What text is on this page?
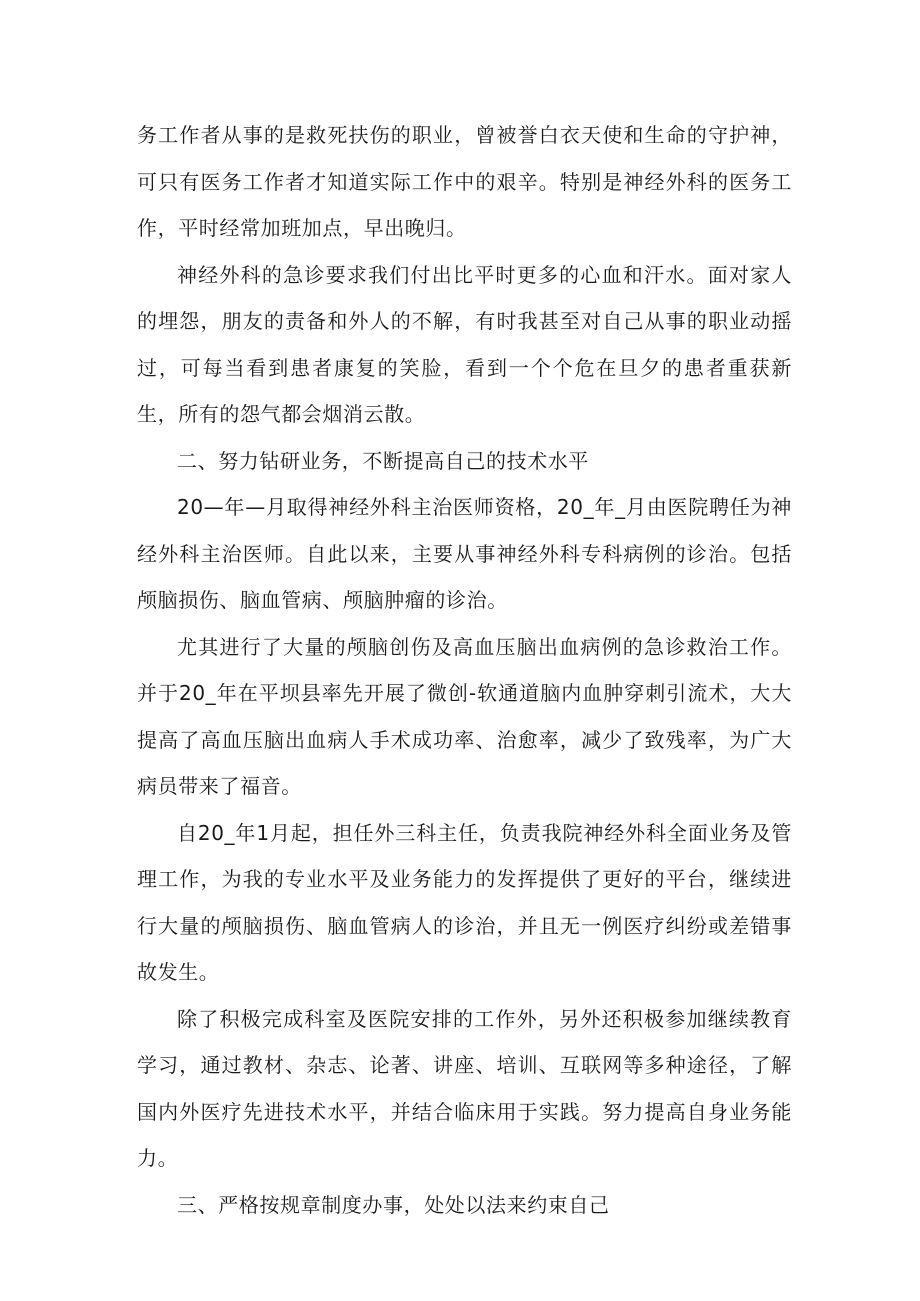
务工作者从事的是救死扶伤的职业，曾被誉白衣天使和生命的守护神，可只有医务工作者才知道实际工作中的艰辛。特别是神经外科的医务工作，平时经常加班加点，早出晚归。

神经外科的急诊要求我们付出比平时更多的心血和汗水。面对家人的埋怨，朋友的责备和外人的不解，有时我甚至对自己从事的职业动摇过，可每当看到患者康复的笑脸，看到一个个危在旦夕的患者重获新生，所有的怨气都会烟消云散。

二、努力钻研业务，不断提高自己的技术水平

20—年—月取得神经外科主治医师资格，20_年_月由医院聘任为神经外科主治医师。自此以来，主要从事神经外科专科病例的诊治。包括颅脑损伤、脑血管病、颅脑肿瘤的诊治。

尤其进行了大量的颅脑创伤及高血压脑出血病例的急诊救治工作。并于20_年在平坝县率先开展了微创-软通道脑内血肿穿刺引流术，大大提高了高血压脑出血病人手术成功率、治愈率，减少了致残率，为广大病员带来了福音。

自20_年1月起，担任外三科主任，负责我院神经外科全面业务及管理工作，为我的专业水平及业务能力的发挥提供了更好的平台，继续进行大量的颅脑损伤、脑血管病人的诊治，并且无一例医疗纠纷或差错事故发生。

除了积极完成科室及医院安排的工作外，另外还积极参加继续教育学习，通过教材、杂志、论著、讲座、培训、互联网等多种途径，了解国内外医疗先进技术水平，并结合临床用于实践。努力提高自身业务能力。

三、严格按规章制度办事，处处以法来约束自己
